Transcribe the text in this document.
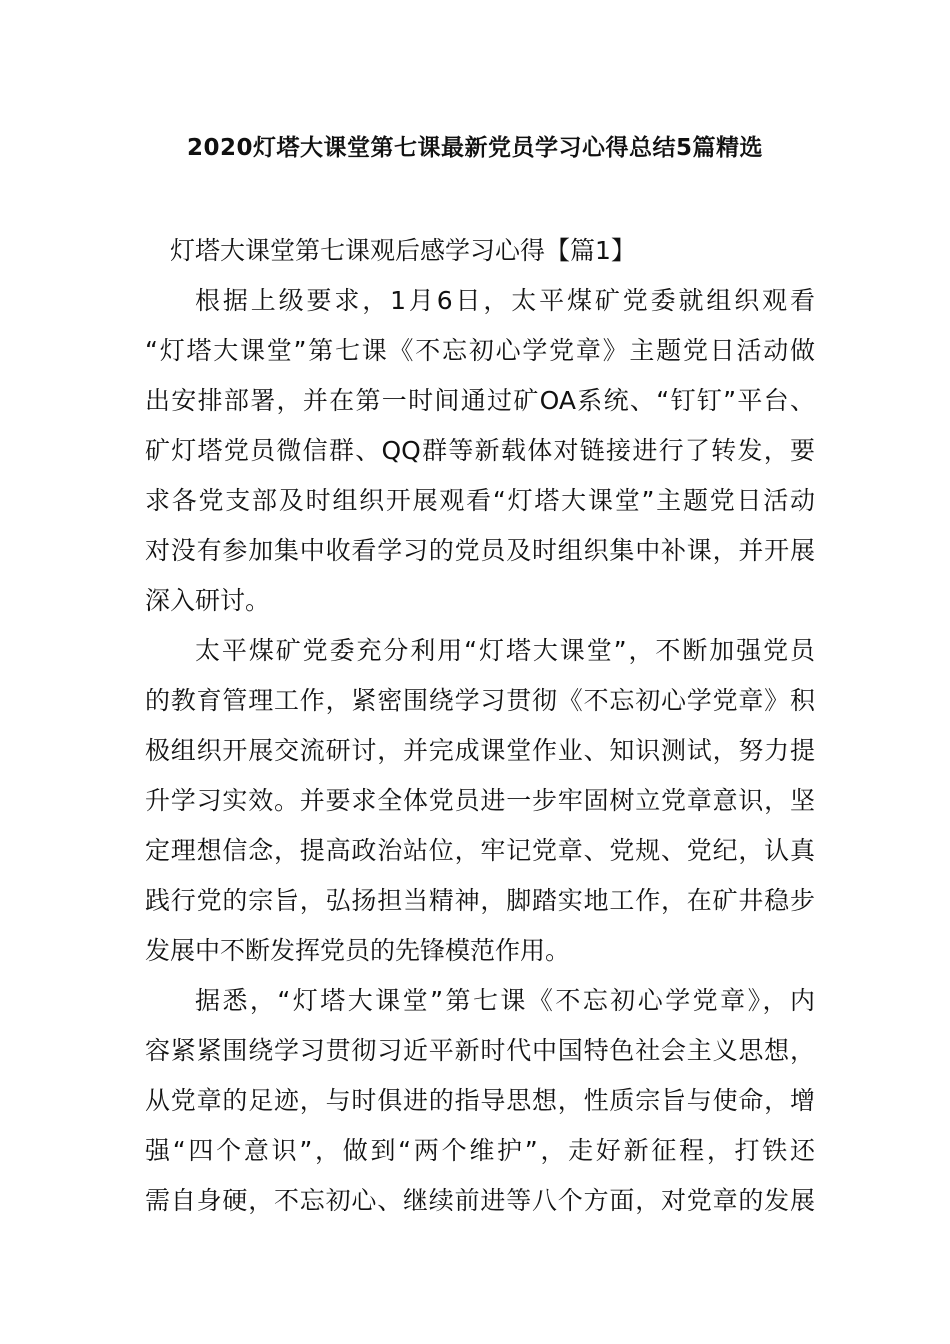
2020灯塔大课堂第七课最新党员学习心得总结5篇精选
灯塔大课堂第七课观后感学习心得【篇1】
根据上级要求，1月6日，太平煤矿党委就组织观看
“灯塔大课堂”第七课《不忘初心学党章》主题党日活动做
出安排部署，并在第一时间通过矿OA系统、“钉钉”平台、
矿灯塔党员微信群、QQ群等新载体对链接进行了转发，要
求各党支部及时组织开展观看“灯塔大课堂”主题党日活动
对没有参加集中收看学习的党员及时组织集中补课，并开展
深入研讨。
太平煤矿党委充分利用“灯塔大课堂”，不断加强党员
的教育管理工作，紧密围绕学习贯彻《不忘初心学党章》积
极组织开展交流研讨，并完成课堂作业、知识测试，努力提
升学习实效。并要求全体党员进一步牢固树立党章意识，坚
定理想信念，提高政治站位，牢记党章、党规、党纪，认真
践行党的宗旨，弘扬担当精神，脚踏实地工作，在矿井稳步
发展中不断发挥党员的先锋模范作用。
据悉，“灯塔大课堂”第七课《不忘初心学党章》，内
容紧紧围绕学习贯彻习近平新时代中国特色社会主义思想，
从党章的足迹，与时俱进的指导思想，性质宗旨与使命，增
强“四个意识”，做到“两个维护”，走好新征程，打铁还
需自身硬，不忘初心、继续前进等八个方面，对党章的发展
